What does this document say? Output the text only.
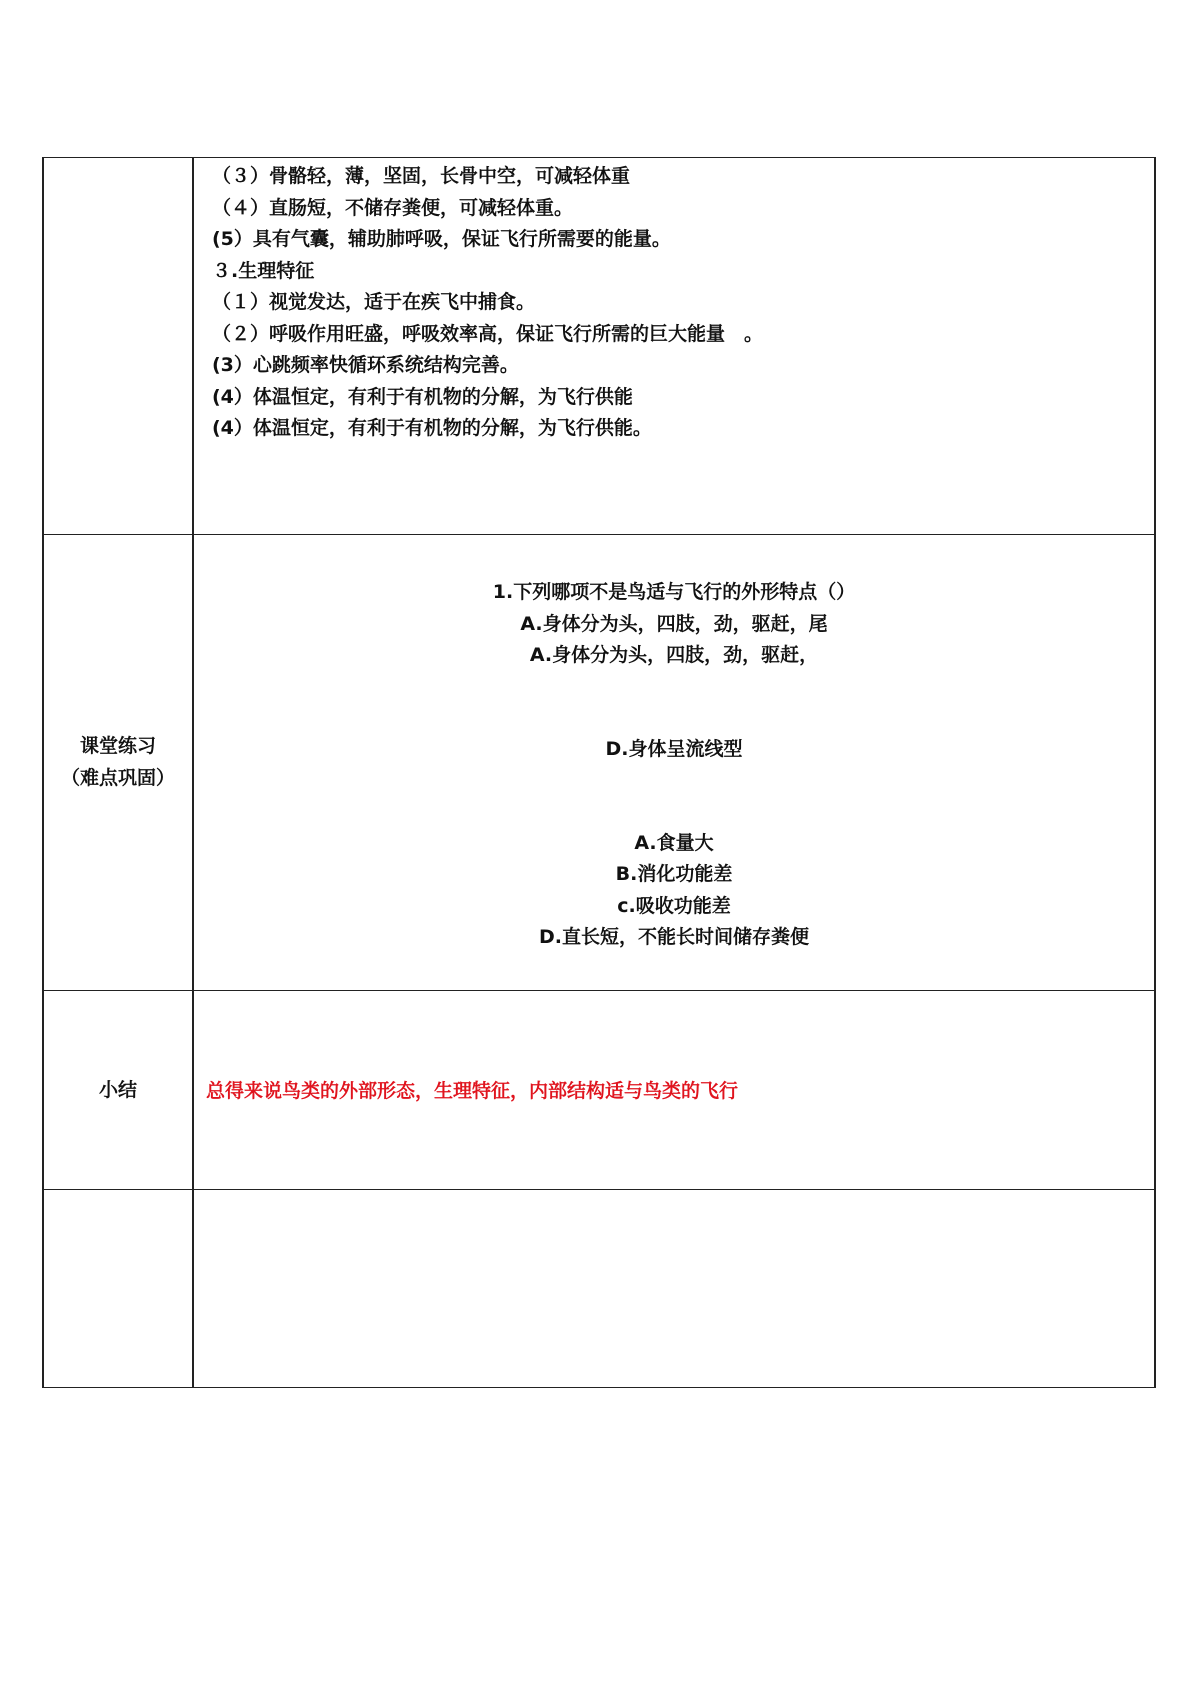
（３）骨骼轻，薄，坚固，长骨中空，可减轻体重
（４）直肠短，不储存粪便，可减轻体重。
(5）具有气囊，辅助肺呼吸，保证飞行所需要的能量。
３.生理特征
（１）视觉发达，适于在疾飞中捕食。
（２）呼吸作用旺盛，呼吸效率高，保证飞行所需的巨大能量　。
(3）心跳频率快循环系统结构完善。
(4）体温恒定，有利于有机物的分解，为飞行供能
(4）体温恒定，有利于有机物的分解，为飞行供能。
课堂练习
（难点巩固）
1.下列哪项不是鸟适与飞行的外形特点（）
A.身体分为头，四肢，劲，驱赶，尾
A.身体分为头，四肢，劲，驱赶，
D.身体呈流线型
A.食量大
B.消化功能差
c.吸收功能差
D.直长短，不能长时间储存粪便
小结	总得来说鸟类的外部形态，生理特征，内部结构适与鸟类的飞行
